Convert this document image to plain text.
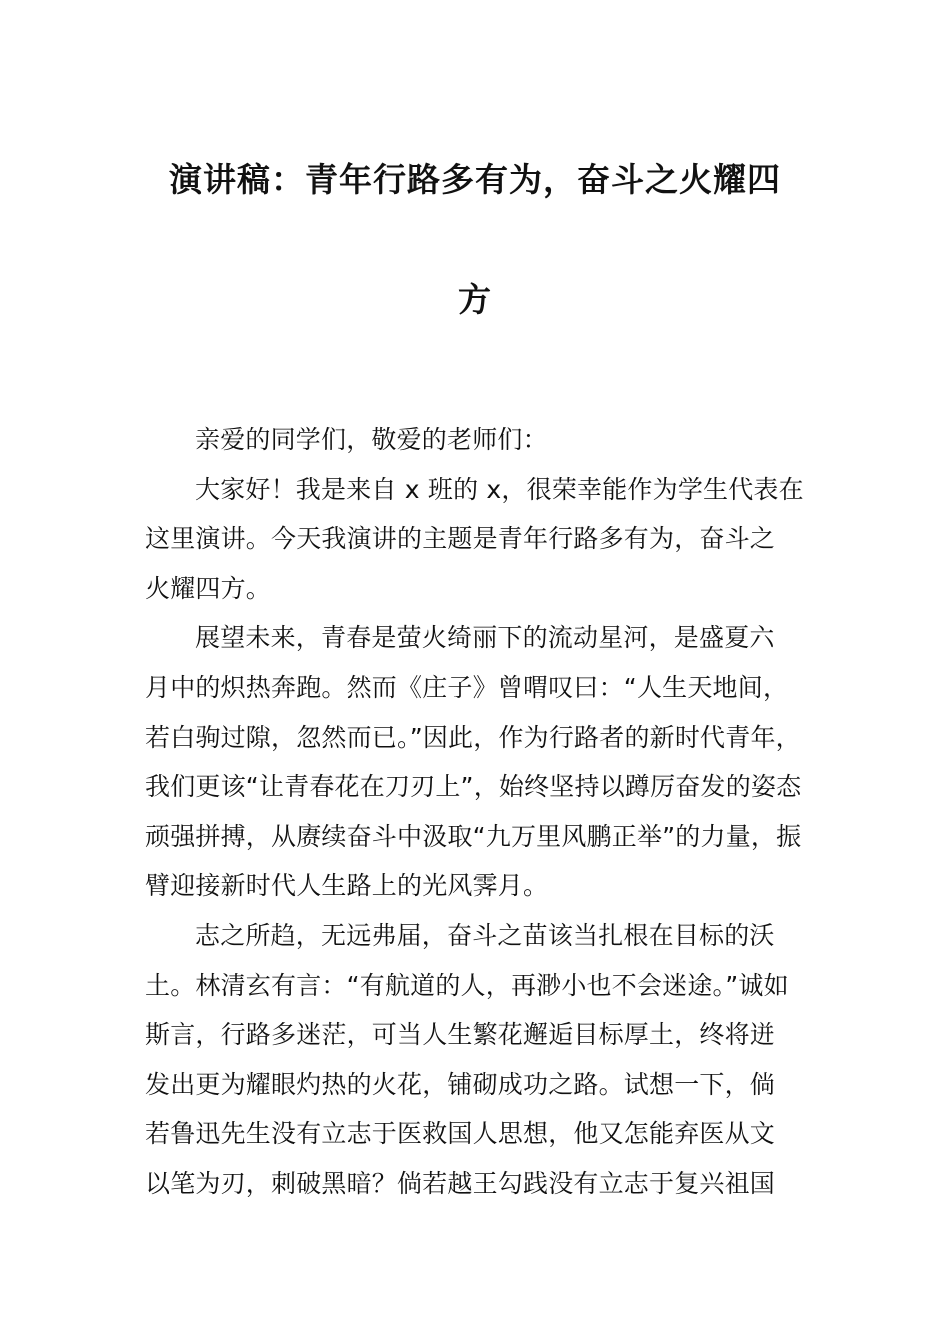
演讲稿：青年行路多有为，奋斗之火耀四
方
亲爱的同学们，敬爱的老师们：
大家好！我是来自 x 班的 x，很荣幸能作为学生代表在
这里演讲。今天我演讲的主题是青年行路多有为，奋斗之
火耀四方。
展望未来，青春是萤火绮丽下的流动星河，是盛夏六
月中的炽热奔跑。然而《庄子》曾喟叹曰：“人生天地间，
若白驹过隙，忽然而已。”因此，作为行路者的新时代青年，
我们更该“让青春花在刀刃上”，始终坚持以蹲厉奋发的姿态
顽强拼搏，从赓续奋斗中汲取“九万里风鹏正举”的力量，振
臂迎接新时代人生路上的光风霁月。
志之所趋，无远弗届，奋斗之苗该当扎根在目标的沃
土。林清玄有言：“有航道的人，再渺小也不会迷途。”诚如
斯言，行路多迷茫，可当人生繁花邂逅目标厚土，终将迸
发出更为耀眼灼热的火花，铺砌成功之路。试想一下，倘
若鲁迅先生没有立志于医救国人思想，他又怎能弃医从文
以笔为刃，刺破黑暗？倘若越王勾践没有立志于复兴祖国
